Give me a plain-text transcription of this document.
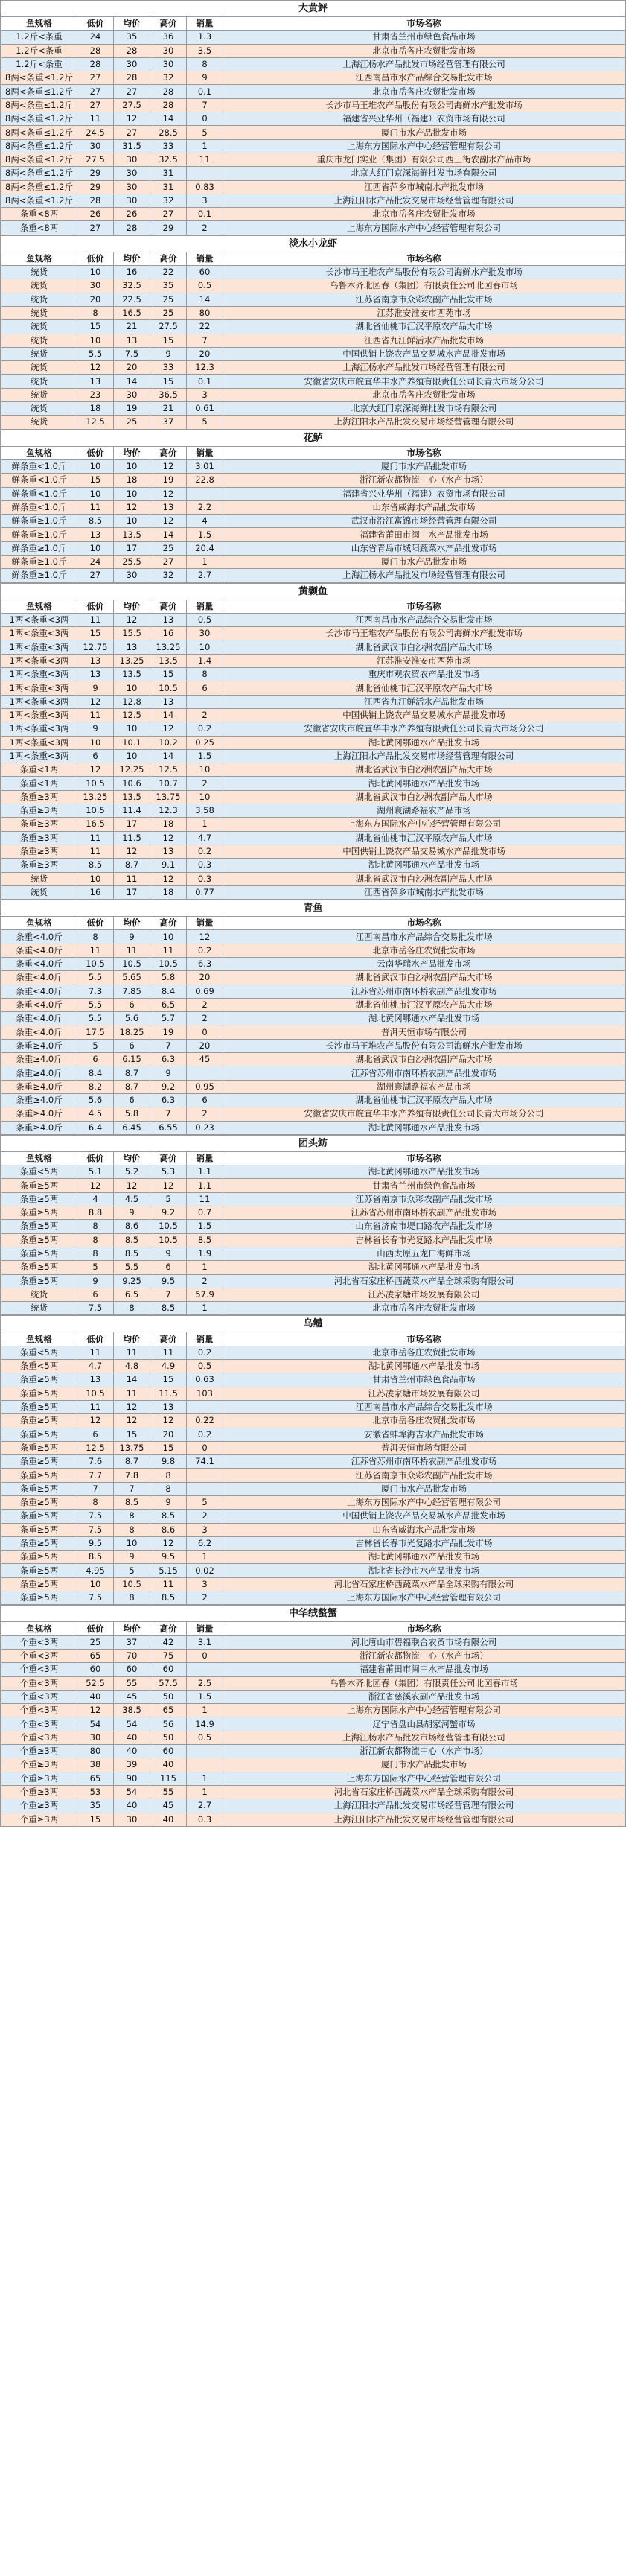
大黄鲆
鱼规格	低价	均价	高价	销量	市场名称
1.2斤<条重	24	35	36	1.3	甘肃省兰州市绿色食品市场
1.2斤<条重	28	28	30	3.5	北京市岳各庄农贸批发市场
1.2斤<条重	28	30	30	8	上海江杨水产品批发市场经营管理有限公司
8两<条重≤1.2斤	27	28	32	9	江西南昌市水产品综合交易批发市场
8两<条重≤1.2斤	27	27	28	0.1	北京市岳各庄农贸批发市场
8两<条重≤1.2斤	27	27.5	28	7	长沙市马王堆农产品股份有限公司海鲜水产批发市场
8两<条重≤1.2斤	11	12	14	0	福建省兴业华州（福建）农贸市场有限公司
8两<条重≤1.2斤	24.5	27	28.5	5	厦门市水产品批发市场
8两<条重≤1.2斤	30	31.5	33	1	上海东方国际水产中心经营管理有限公司
8两<条重≤1.2斤	27.5	30	32.5	11	重庆市龙门实业（集团）有限公司西三街农副水产品市场
8两<条重≤1.2斤	29	30	31		北京大红门京深海鲜批发市场有限公司
8两<条重≤1.2斤	29	30	31	0.83	江西省萍乡市城南水产批发市场
8两<条重≤1.2斤	28	30	32	3	上海江阳水产品批发交易市场经营管理有限公司
条重<8两	26	26	27	0.1	北京市岳各庄农贸批发市场
条重<8两	27	28	29	2	上海东方国际水产中心经营管理有限公司
淡水小龙虾
鱼规格	低价	均价	高价	销量	市场名称
统货	10	16	22	60	长沙市马王堆农产品股份有限公司海鲜水产批发市场
统货	30	32.5	35	0.5	乌鲁木齐北园春（集团）有限责任公司北园春市场
统货	20	22.5	25	14	江苏省南京市众彩农副产品批发市场
统货	8	16.5	25	80	江苏淮安淮安市西苑市场
统货	15	21	27.5	22	湖北省仙桃市江汉平原农产品大市场
统货	10	13	15	7	江西省九江鲜活水产品批发市场
统货	5.5	7.5	9	20	中国供销上饶农产品交易城水产品批发市场
统货	12	20	33	12.3	上海江杨水产品批发市场经营管理有限公司
统货	13	14	15	0.1	安徽省安庆市皖宜华丰水产养殖有限责任公司长青大市场分公司
统货	23	30	36.5	3	北京市岳各庄农贸批发市场
统货	18	19	21	0.61	北京大红门京深海鲜批发市场有限公司
统货	12.5	25	37	5	上海江阳水产品批发交易市场经营管理有限公司
花鲈
鱼规格	低价	均价	高价	销量	市场名称
鲜条重<1.0斤	10	10	12	3.01	厦门市水产品批发市场
鲜条重<1.0斤	15	18	19	22.8	浙江新农都物流中心（水产市场）
鲜条重<1.0斤	10	10	12		福建省兴业华州（福建）农贸市场有限公司
鲜条重<1.0斤	11	12	13	2.2	山东省威海水产品批发市场
鲜条重≥1.0斤	8.5	10	12	4	武汉市沿江富锦市场经营管理有限公司
鲜条重≥1.0斤	13	13.5	14	1.5	福建省莆田市闽中水产品批发市场
鲜条重≥1.0斤	10	17	25	20.4	山东省青岛市城阳蔬菜水产品批发市场
鲜条重≥1.0斤	24	25.5	27	1	厦门市水产品批发市场
鲜条重≥1.0斤	27	30	32	2.7	上海江杨水产品批发市场经营管理有限公司
黄颡鱼
鱼规格	低价	均价	高价	销量	市场名称
1两<条重<3两	11	12	13	0.5	江西南昌市水产品综合交易批发市场
1两<条重<3两	15	15.5	16	30	长沙市马王堆农产品股份有限公司海鲜水产批发市场
1两<条重<3两	12.75	13	13.25	10	湖北省武汉市白沙洲农副产品大市场
1两<条重<3两	13	13.25	13.5	1.4	江苏淮安淮安市西苑市场
1两<条重<3两	13	13.5	15	8	重庆市观农贸农产品批发市场
1两<条重<3两	9	10	10.5	6	湖北省仙桃市江汉平原农产品大市场
1两<条重<3两	12	12.8	13		江西省九江鲜活水产品批发市场
1两<条重<3两	11	12.5	14	2	中国供销上饶农产品交易城水产品批发市场
1两<条重<3两	9	10	12	0.2	安徽省安庆市皖宜华丰水产养殖有限责任公司长青大市场分公司
1两<条重<3两	10	10.1	10.2	0.25	湖北黄冈鄂通水产品批发市场
1两<条重<3两	6	10	14	1.5	上海江阳水产品批发交易市场经营管理有限公司
条重<1两	12	12.25	12.5	10	湖北省武汉市白沙洲农副产品大市场
条重<1两	10.5	10.6	10.7	2	湖北黄冈鄂通水产品批发市场
条重≥3两	13.25	13.5	13.75	10	湖北省武汉市白沙洲农副产品大市场
条重≥3两	10.5	11.4	12.3	3.58	湖州寰湖路福农产品市场
条重≥3两	16.5	17	18	1	上海东方国际水产中心经营管理有限公司
条重≥3两	11	11.5	12	4.7	湖北省仙桃市江汉平原农产品大市场
条重≥3两	11	12	13	0.2	中国供销上饶农产品交易城水产品批发市场
条重≥3两	8.5	8.7	9.1	0.3	湖北黄冈鄂通水产品批发市场
统货	10	11	12	0.3	湖北省武汉市白沙洲农副产品大市场
统货	16	17	18	0.77	江西省萍乡市城南水产批发市场
青鱼
鱼规格	低价	均价	高价	销量	市场名称
条重<4.0斤	8	9	10	12	江西南昌市水产品综合交易批发市场
条重<4.0斤	11	11	11	0.2	北京市岳各庄农贸批发市场
条重<4.0斤	10.5	10.5	10.5	6.3	云南华瑞水产品批发市场
条重<4.0斤	5.5	5.65	5.8	20	湖北省武汉市白沙洲农副产品大市场
条重<4.0斤	7.3	7.85	8.4	0.69	江苏省苏州市南环桥农副产品批发市场
条重<4.0斤	5.5	6	6.5	2	湖北省仙桃市江汉平原农产品大市场
条重<4.0斤	5.5	5.6	5.7	2	湖北黄冈鄂通水产品批发市场
条重<4.0斤	17.5	18.25	19	0	普洱天恒市场有限公司
条重≥4.0斤	5	6	7	20	长沙市马王堆农产品股份有限公司海鲜水产批发市场
条重≥4.0斤	6	6.15	6.3	45	湖北省武汉市白沙洲农副产品大市场
条重≥4.0斤	8.4	8.7	9		江苏省苏州市南环桥农副产品批发市场
条重≥4.0斤	8.2	8.7	9.2	0.95	湖州寰湖路福农产品市场
条重≥4.0斤	5.6	6	6.3	6	湖北省仙桃市江汉平原农产品大市场
条重≥4.0斤	4.5	5.8	7	2	安徽省安庆市皖宜华丰水产养殖有限责任公司长青大市场分公司
条重≥4.0斤	6.4	6.45	6.55	0.23	湖北黄冈鄂通水产品批发市场
团头鲂
鱼规格	低价	均价	高价	销量	市场名称
条重<5两	5.1	5.2	5.3	1.1	湖北黄冈鄂通水产品批发市场
条重≥5两	12	12	12	1.1	甘肃省兰州市绿色食品市场
条重≥5两	4	4.5	5	11	江苏省南京市众彩农副产品批发市场
条重≥5两	8.8	9	9.2	0.7	江苏省苏州市南环桥农副产品批发市场
条重≥5两	8	8.6	10.5	1.5	山东省济南市堤口路农产品批发市场
条重≥5两	8	8.5	10.5	8.5	吉林省长春市光复路水产品批发市场
条重≥5两	8	8.5	9	1.9	山西太原五龙口海鲜市场
条重≥5两	5	5.5	6	1	湖北黄冈鄂通水产品批发市场
条重≥5两	9	9.25	9.5	2	河北省石家庄桥西蔬菜水产品全球采购有限公司
统货	6	6.5	7	57.9	江苏凌家塘市场发展有限公司
统货	7.5	8	8.5	1	北京市岳各庄农贸批发市场
乌鳢
鱼规格	低价	均价	高价	销量	市场名称
条重<5两	11	11	11	0.2	北京市岳各庄农贸批发市场
条重<5两	4.7	4.8	4.9	0.5	湖北黄冈鄂通水产品批发市场
条重≥5两	13	14	15	0.63	甘肃省兰州市绿色食品市场
条重≥5两	10.5	11	11.5	103	江苏凌家塘市场发展有限公司
条重≥5两	11	12	13		江西南昌市水产品综合交易批发市场
条重≥5两	12	12	12	0.22	北京市岳各庄农贸批发市场
条重≥5两	6	15	20	0.2	安徽省蚌埠海吉水产品批发市场
条重≥5两	12.5	13.75	15	0	普洱天恒市场有限公司
条重≥5两	7.6	8.7	9.8	74.1	江苏省苏州市南环桥农副产品批发市场
条重≥5两	7.7	7.8	8		江苏省南京市众彩农副产品批发市场
条重≥5两	7	7	8		厦门市水产品批发市场
条重≥5两	8	8.5	9	5	上海东方国际水产中心经营管理有限公司
条重≥5两	7.5	8	8.5	2	中国供销上饶农产品交易城水产品批发市场
条重≥5两	7.5	8	8.6	3	山东省威海水产品批发市场
条重≥5两	9.5	10	12	6.2	吉林省长春市光复路水产品批发市场
条重≥5两	8.5	9	9.5	1	湖北黄冈鄂通水产品批发市场
条重≥5两	4.95	5	5.15	0.02	湖北省长沙市水产品批发市场
条重≥5两	10	10.5	11	3	河北省石家庄桥西蔬菜水产品全球采购有限公司
条重≥5两	7.5	8	8.5	2	上海东方国际水产中心经营管理有限公司
中华绒螯蟹
鱼规格	低价	均价	高价	销量	市场名称
个重<3两	25	37	42	3.1	河北唐山市碧福联合农贸市场有限公司
个重<3两	65	70	75	0	浙江新农都物流中心（水产市场）
个重<3两	60	60	60		福建省莆田市闽中水产品批发市场
个重<3两	52.5	55	57.5	2.5	乌鲁木齐北园春（集团）有限责任公司北园春市场
个重<3两	40	45	50	1.5	浙江省慈溪农副产品批发市场
个重<3两	12	38.5	65	1	上海东方国际水产中心经营管理有限公司
个重<3两	54	54	56	14.9	辽宁省盘山县胡家河蟹市场
个重<3两	30	40	50	0.5	上海江杨水产品批发市场经营管理有限公司
个重≥3两	80	40	60		浙江新农都物流中心（水产市场）
个重≥3两	38	39	40		厦门市水产品批发市场
个重≥3两	65	90	115	1	上海东方国际水产中心经营管理有限公司
个重≥3两	53	54	55	1	河北省石家庄桥西蔬菜水产品全球采购有限公司
个重≥3两	35	40	45	2.7	上海江阳水产品批发交易市场经营管理有限公司
个重≥3两	15	30	40	0.3	上海江阳水产品批发交易市场经营管理有限公司
